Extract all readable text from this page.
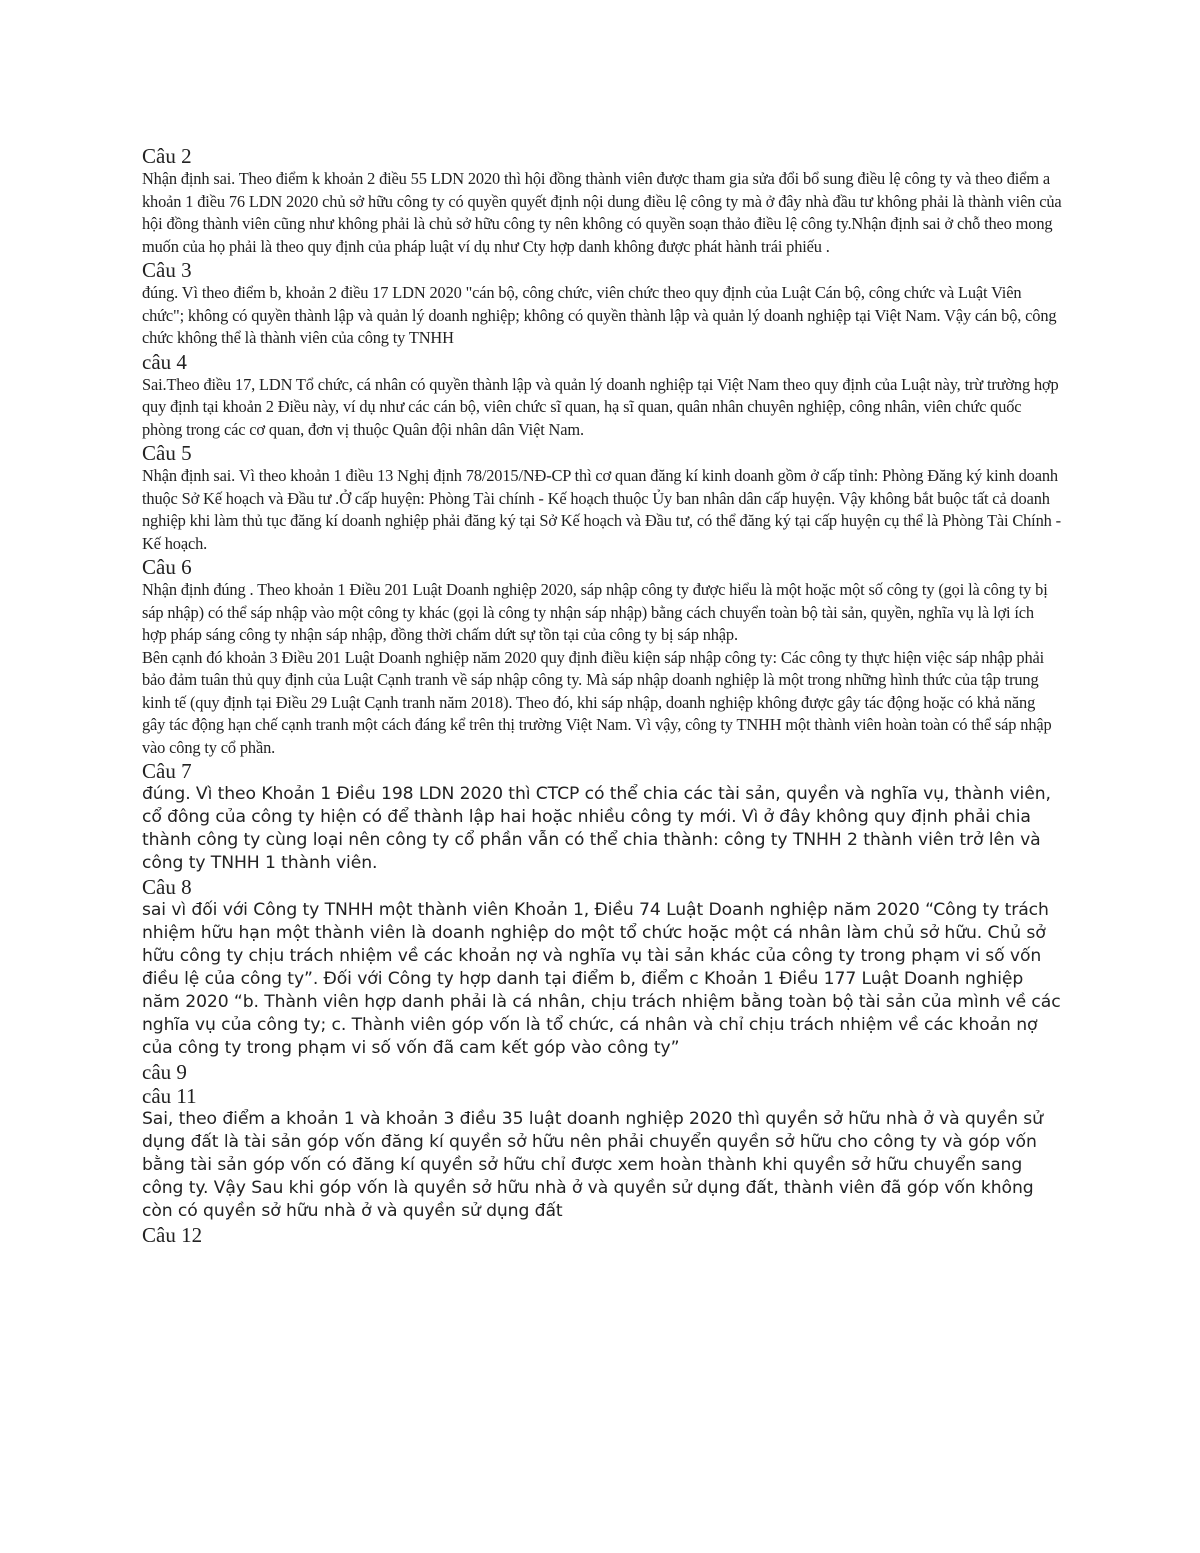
Câu 2

Nhận định sai. Theo điểm k khoản 2 điều 55 LDN 2020 thì hội đồng thành viên được tham gia sửa đổi bổ sung điều lệ công ty và theo điểm a khoản 1 điều 76 LDN 2020 chủ sở hữu công ty có quyền quyết định nội dung điều lệ công ty mà ở đây nhà đầu tư không phải là thành viên của hội đồng thành viên cũng như không phải là chủ sở hữu công ty nên không có quyền soạn thảo điều lệ công ty.Nhận định sai ở chỗ theo mong muốn của họ phải là theo quy định của pháp luật ví dụ như Cty hợp danh không được phát hành trái phiếu .

Câu 3

đúng. Vì theo điểm b, khoản 2 điều 17 LDN 2020 "cán bộ, công chức, viên chức theo quy định của Luật Cán bộ, công chức và Luật Viên chức"; không có quyền thành lập và quản lý doanh nghiệp; không có quyền thành lập và quản lý doanh nghiệp tại Việt Nam. Vậy cán bộ, công chức không thể là thành viên của công ty TNHH

câu 4

Sai.Theo điều 17, LDN Tổ chức, cá nhân có quyền thành lập và quản lý doanh nghiệp tại Việt Nam theo quy định của Luật này, trừ trường hợp quy định tại khoản 2 Điều này, ví dụ như các cán bộ, viên chức sĩ quan, hạ sĩ quan, quân nhân chuyên nghiệp, công nhân, viên chức quốc phòng trong các cơ quan, đơn vị thuộc Quân đội nhân dân Việt Nam.

Câu 5

Nhận định sai. Vì theo khoản 1 điều 13 Nghị định 78/2015/NĐ-CP thì cơ quan đăng kí kinh doanh gồm ở cấp tỉnh: Phòng Đăng ký kinh doanh thuộc Sở Kế hoạch và Đầu tư .Ở cấp huyện: Phòng Tài chính - Kế hoạch thuộc Ủy ban nhân dân cấp huyện. Vậy không bắt buộc tất cả doanh nghiệp khi làm thủ tục đăng kí doanh nghiệp phải đăng ký tại Sở Kế hoạch và Đầu tư, có thể đăng ký tại cấp huyện cụ thể là Phòng Tài Chính - Kế hoạch.

Câu 6

Nhận định đúng . Theo khoản 1 Điều 201 Luật Doanh nghiệp 2020, sáp nhập công ty được hiểu là một hoặc một số công ty (gọi là công ty bị sáp nhập) có thể sáp nhập vào một công ty khác (gọi là công ty nhận sáp nhập) bằng cách chuyển toàn bộ tài sản, quyền, nghĩa vụ là lợi ích hợp pháp sáng công ty nhận sáp nhập, đồng thời chấm dứt sự tồn tại của công ty bị sáp nhập.

Bên cạnh đó khoản 3 Điều 201 Luật Doanh nghiệp năm 2020 quy định điều kiện sáp nhập công ty: Các công ty thực hiện việc sáp nhập phải bảo đảm tuân thủ quy định của Luật Cạnh tranh về sáp nhập công ty. Mà sáp nhập doanh nghiệp là một trong những hình thức của tập trung kinh tế (quy định tại Điều 29 Luật Cạnh tranh năm 2018). Theo đó, khi sáp nhập, doanh nghiệp không được gây tác động hoặc có khả năng gây tác động hạn chế cạnh tranh một cách đáng kể trên thị trường Việt Nam. Vì vậy, công ty TNHH một thành viên hoàn toàn có thể sáp nhập vào công ty cổ phần.

Câu 7

đúng. Vì theo Khoản 1 Điều 198 LDN 2020 thì CTCP có thể chia các tài sản, quyền và nghĩa vụ, thành viên, cổ đông của công ty hiện có để thành lập hai hoặc nhiều công ty mới. Vì ở đây không quy định phải chia thành công ty cùng loại nên công ty cổ phần vẫn có thể chia thành: công ty TNHH 2 thành viên trở lên và công ty TNHH 1 thành viên.

Câu 8

sai vì đối với Công ty TNHH một thành viên Khoản 1, Điều 74 Luật Doanh nghiệp năm 2020 “Công ty trách nhiệm hữu hạn một thành viên là doanh nghiệp do một tổ chức hoặc một cá nhân làm chủ sở hữu. Chủ sở hữu công ty chịu trách nhiệm về các khoản nợ và nghĩa vụ tài sản khác của công ty trong phạm vi số vốn điều lệ của công ty”. Đối với Công ty hợp danh tại điểm b, điểm c Khoản 1 Điều 177 Luật Doanh nghiệp năm 2020 “b. Thành viên hợp danh phải là cá nhân, chịu trách nhiệm bằng toàn bộ tài sản của mình về các nghĩa vụ của công ty; c. Thành viên góp vốn là tổ chức, cá nhân và chỉ chịu trách nhiệm về các khoản nợ của công ty trong phạm vi số vốn đã cam kết góp vào công ty”

câu 9

câu 11

Sai, theo điểm a khoản 1 và khoản 3 điều 35 luật doanh nghiệp 2020 thì quyền sở hữu nhà ở và quyền sử dụng đất là tài sản góp vốn đăng kí quyền sở hữu nên phải chuyển quyền sở hữu cho công ty và góp vốn bằng tài sản góp vốn có đăng kí quyền sở hữu chỉ được xem hoàn thành khi quyền sở hữu chuyển sang công ty. Vậy Sau khi góp vốn là quyền sở hữu nhà ở và quyền sử dụng đất, thành viên đã góp vốn không còn có quyền sở hữu nhà ở và quyền sử dụng đất

Câu 12
